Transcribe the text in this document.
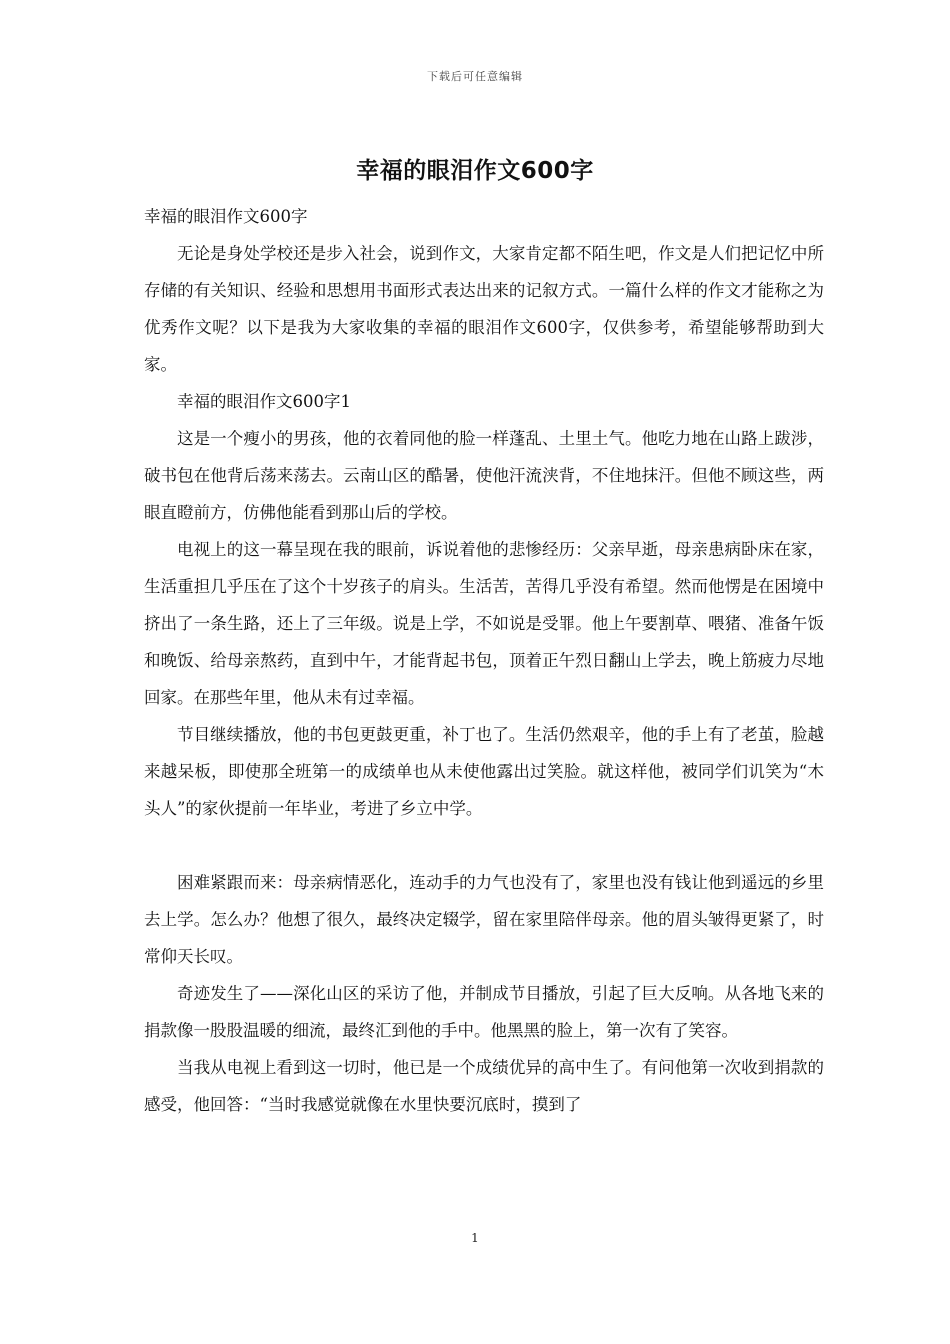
下载后可任意编辑
幸福的眼泪作文600字

幸福的眼泪作文600字

无论是身处学校还是步入社会，说到作文，大家肯定都不陌生吧，作文是人们把记忆中所存储的有关知识、经验和思想用书面形式表达出来的记叙方式。一篇什么样的作文才能称之为优秀作文呢？以下是我为大家收集的幸福的眼泪作文600字，仅供参考，希望能够帮助到大家。

幸福的眼泪作文600字1

这是一个瘦小的男孩，他的衣着同他的脸一样蓬乱、土里土气。他吃力地在山路上跋涉，破书包在他背后荡来荡去。云南山区的酷暑，使他汗流浃背，不住地抹汗。但他不顾这些，两眼直瞪前方，仿佛他能看到那山后的学校。

电视上的这一幕呈现在我的眼前，诉说着他的悲惨经历：父亲早逝，母亲患病卧床在家，生活重担几乎压在了这个十岁孩子的肩头。生活苦，苦得几乎没有希望。然而他愣是在困境中挤出了一条生路，还上了三年级。说是上学，不如说是受罪。他上午要割草、喂猪、准备午饭和晚饭、给母亲熬药，直到中午，才能背起书包，顶着正午烈日翻山上学去，晚上筋疲力尽地回家。在那些年里，他从未有过幸福。

节目继续播放，他的书包更鼓更重，补丁也了。生活仍然艰辛，他的手上有了老茧，脸越来越呆板，即使那全班第一的成绩单也从未使他露出过笑脸。就这样他，被同学们讥笑为“木头人”的家伙提前一年毕业，考进了乡立中学。

困难紧跟而来：母亲病情恶化，连动手的力气也没有了，家里也没有钱让他到遥远的乡里去上学。怎么办？他想了很久，最终决定辍学，留在家里陪伴母亲。他的眉头皱得更紧了，时常仰天长叹。

奇迹发生了——深化山区的采访了他，并制成节目播放，引起了巨大反响。从各地飞来的捐款像一股股温暖的细流，最终汇到他的手中。他黑黑的脸上，第一次有了笑容。

当我从电视上看到这一切时，他已是一个成绩优异的高中生了。有问他第一次收到捐款的感受，他回答：“当时我感觉就像在水里快要沉底时，摸到了

1
